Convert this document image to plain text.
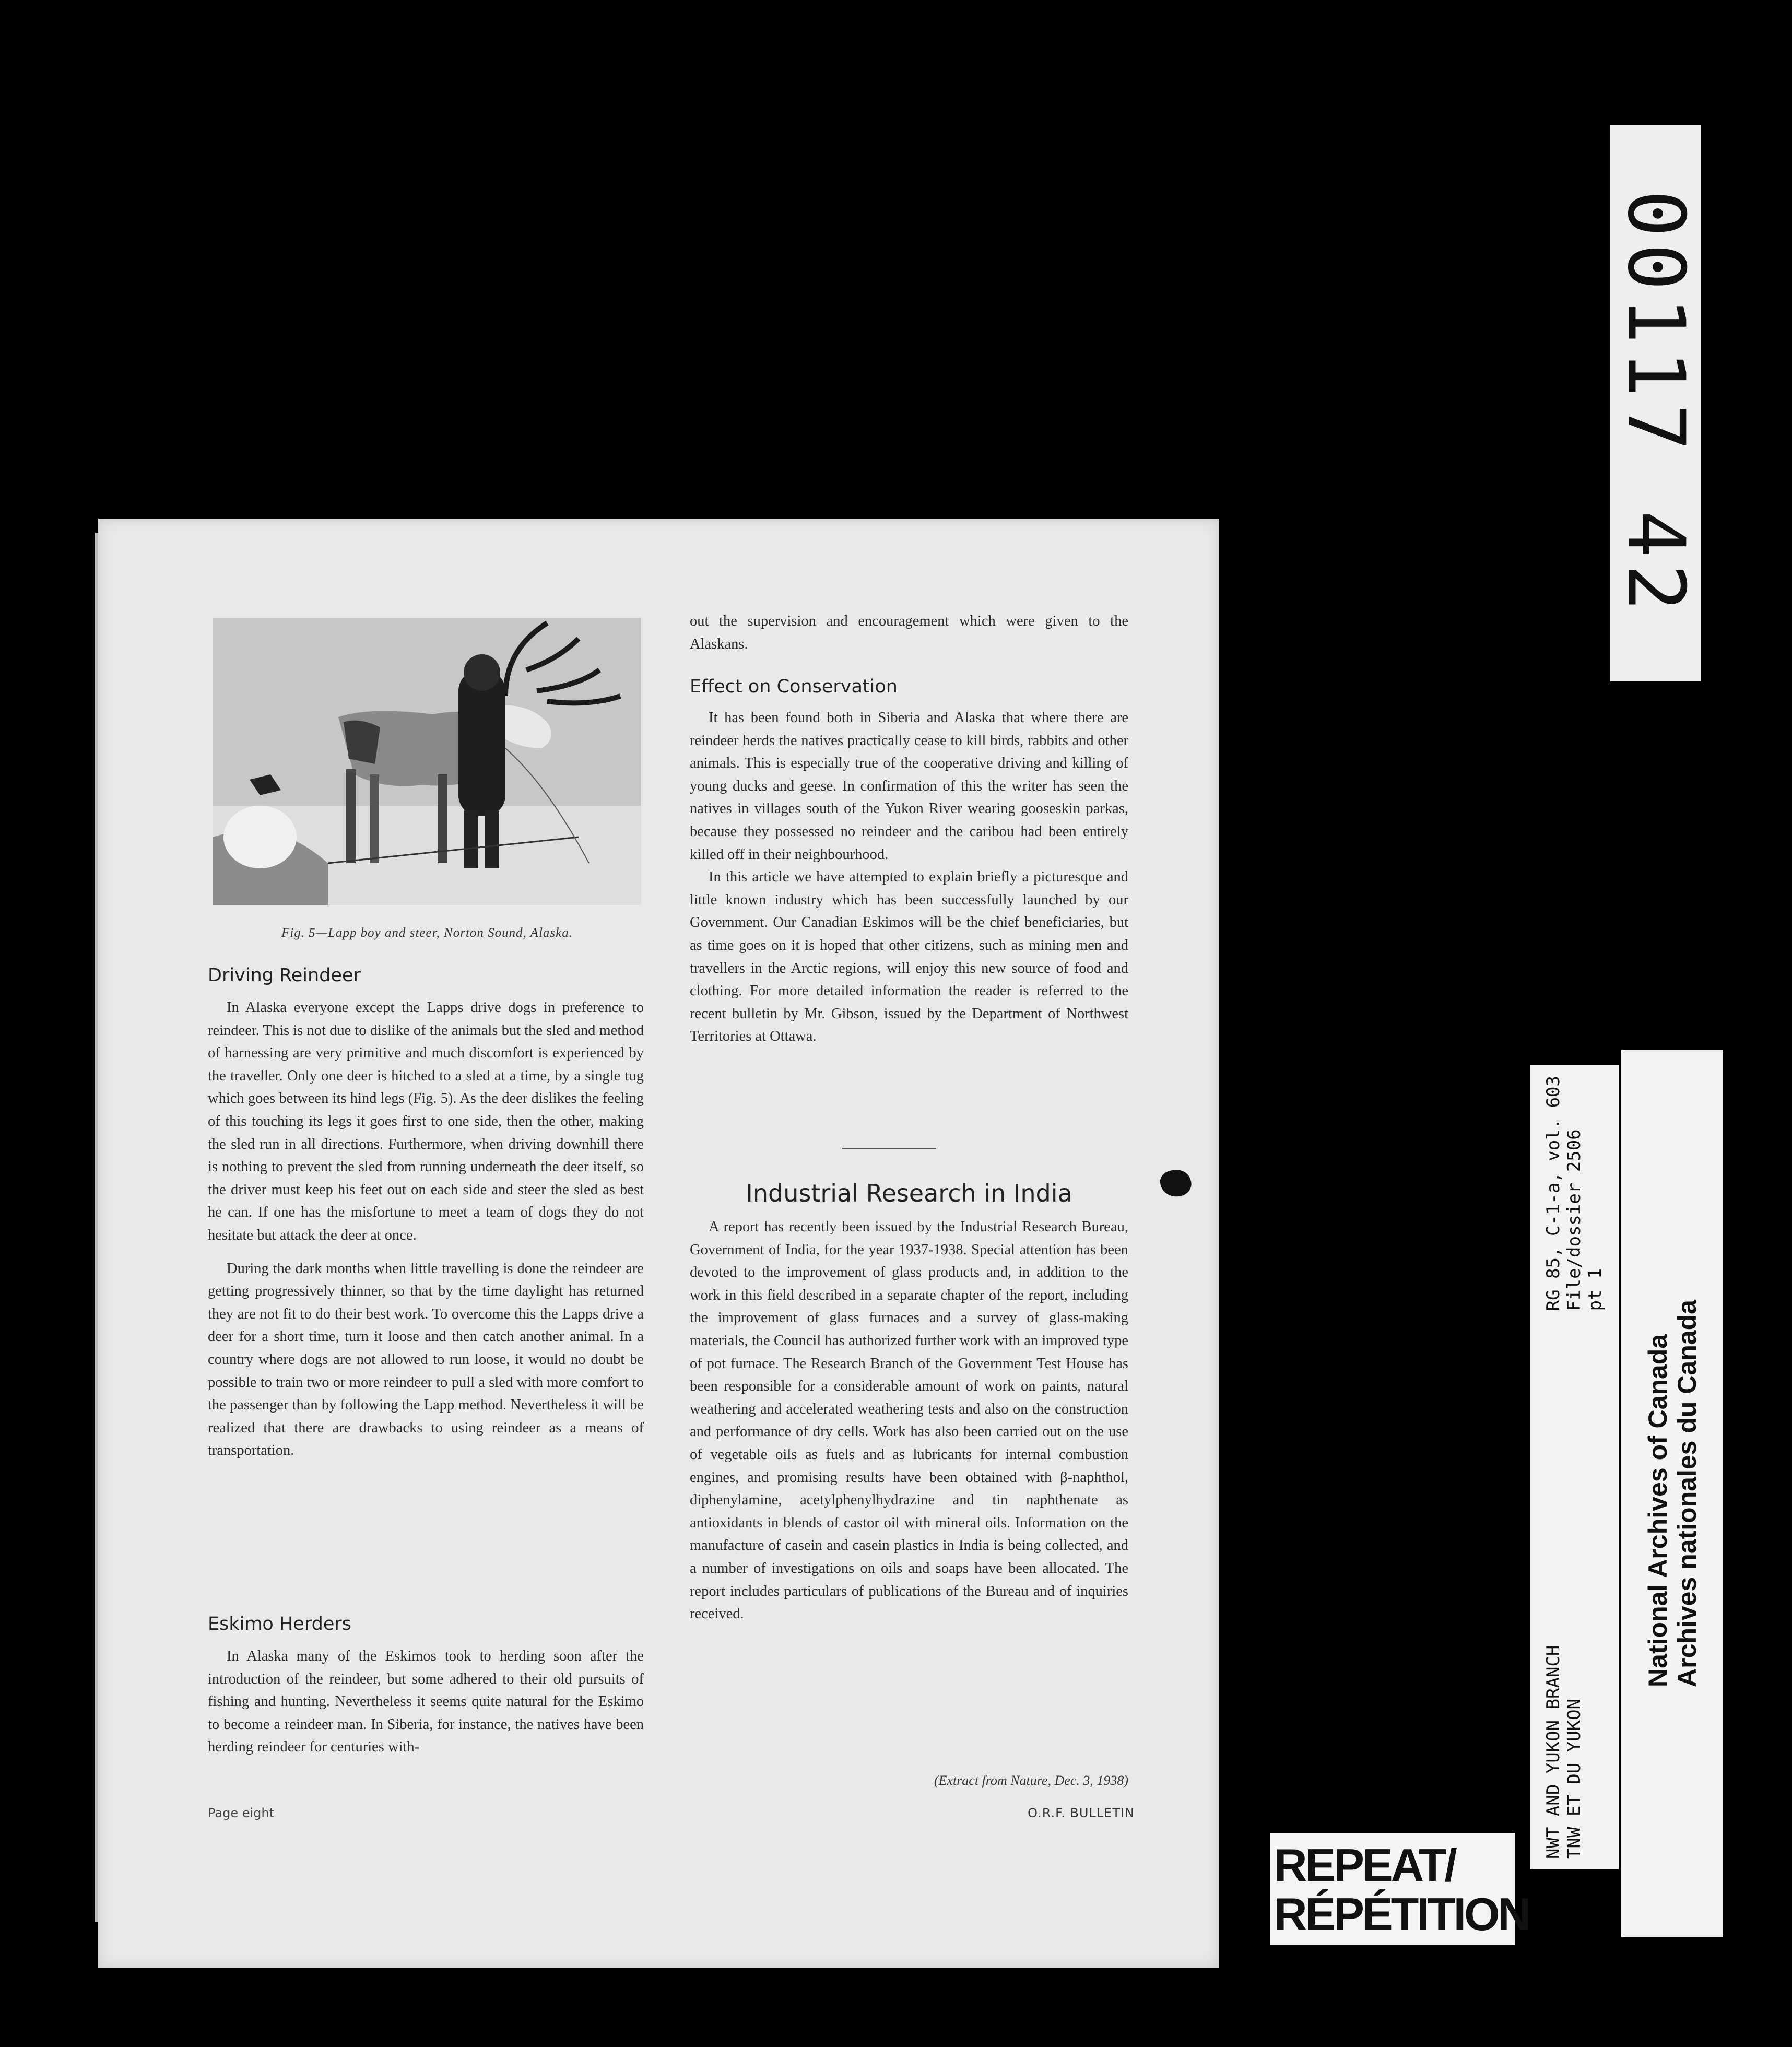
Fig. 5—Lapp boy and steer, Norton Sound, Alaska.
Driving Reindeer

In Alaska everyone except the Lapps drive dogs in preference to reindeer. This is not due to dislike of the animals but the sled and method of harnessing are very primitive and much discomfort is experienced by the traveller. Only one deer is hitched to a sled at a time, by a single tug which goes between its hind legs (Fig. 5). As the deer dislikes the feeling of this touching its legs it goes first to one side, then the other, making the sled run in all directions. Furthermore, when driving downhill there is nothing to prevent the sled from running underneath the deer itself, so the driver must keep his feet out on each side and steer the sled as best he can. If one has the misfortune to meet a team of dogs they do not hesitate but attack the deer at once.

During the dark months when little travelling is done the reindeer are getting progressively thinner, so that by the time daylight has returned they are not fit to do their best work. To overcome this the Lapps drive a deer for a short time, turn it loose and then catch another animal. In a country where dogs are not allowed to run loose, it would no doubt be possible to train two or more reindeer to pull a sled with more comfort to the passenger than by following the Lapp method. Nevertheless it will be realized that there are drawbacks to using reindeer as a means of transportation.

Eskimo Herders

In Alaska many of the Eskimos took to herding soon after the introduction of the reindeer, but some adhered to their old pursuits of fishing and hunting. Nevertheless it seems quite natural for the Eskimo to become a reindeer man. In Siberia, for instance, the natives have been herding reindeer for centuries with-

out the supervision and encouragement which were given to the Alaskans.

Effect on Conservation

It has been found both in Siberia and Alaska that where there are reindeer herds the natives practically cease to kill birds, rabbits and other animals. This is especially true of the cooperative driving and killing of young ducks and geese. In confirmation of this the writer has seen the natives in villages south of the Yukon River wearing gooseskin parkas, because they possessed no reindeer and the caribou had been entirely killed off in their neighbourhood.

In this article we have attempted to explain briefly a picturesque and little known industry which has been successfully launched by our Government. Our Canadian Eskimos will be the chief beneficiaries, but as time goes on it is hoped that other citizens, such as mining men and travellers in the Arctic regions, will enjoy this new source of food and clothing. For more detailed information the reader is referred to the recent bulletin by Mr. Gibson, issued by the Department of Northwest Territories at Ottawa.

Industrial Research in India

A report has recently been issued by the Industrial Research Bureau, Government of India, for the year 1937-1938. Special attention has been devoted to the improvement of glass products and, in addition to the work in this field described in a separate chapter of the report, including the improvement of glass furnaces and a survey of glass-making materials, the Council has authorized further work with an improved type of pot furnace. The Research Branch of the Government Test House has been responsible for a considerable amount of work on paints, natural weathering and accelerated weathering tests and also on the construction and performance of dry cells. Work has also been carried out on the use of vegetable oils as fuels and as lubricants for internal combustion engines, and promising results have been obtained with β-naphthol, diphenylamine, acetylphenylhydrazine and tin naphthenate as antioxidants in blends of castor oil with mineral oils. Information on the manufacture of casein and casein plastics in India is being collected, and a number of investigations on oils and soaps have been allocated. The report includes particulars of publications of the Bureau and of inquiries received.

(Extract from Nature, Dec. 3, 1938)
Page eight	O.R.F. BULLETIN
00117 42
NWT AND YUKON BRANCH TNW ET DU YUKON
RG 85, C-1-a, vol. 603 File/dossier 2506 pt 1
National Archives of Canada Archives nationales du Canada
REPEAT/
RÉPÉTITION
